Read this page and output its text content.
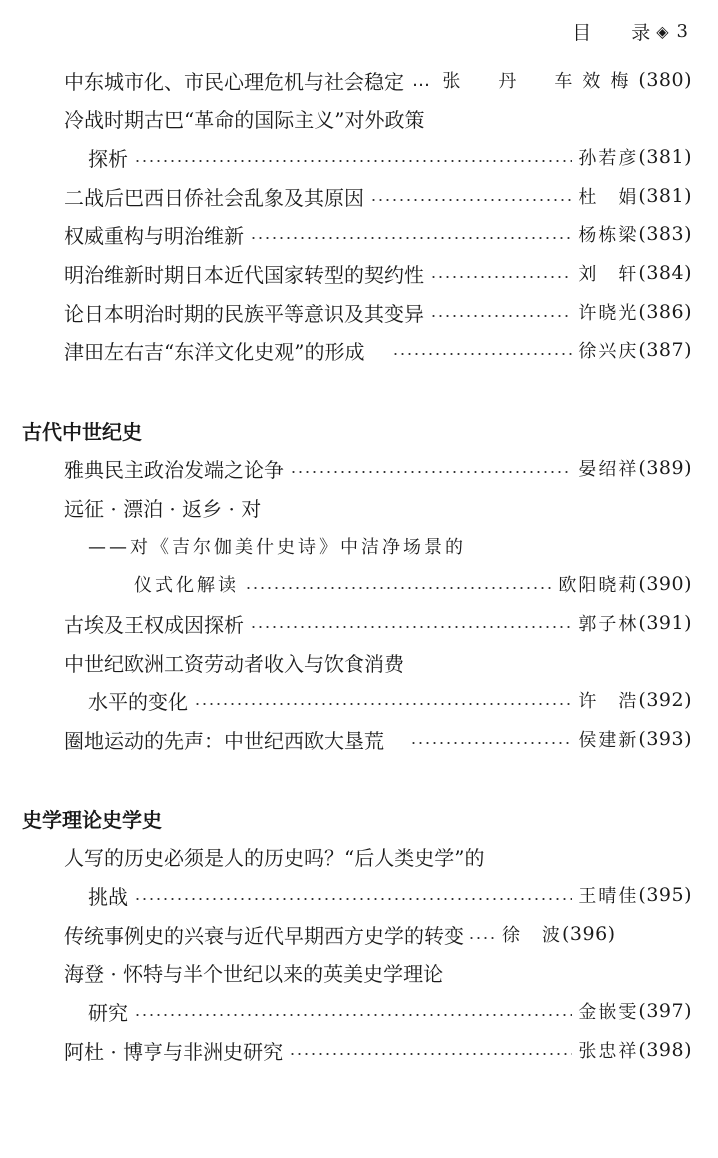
目 录 ◈ 3
中东城市化、市民心理危机与社会稳定 … 张　丹　车效梅 (380)
冷战时期古巴“革命的国际主义”对外政策
探析	孙若彦 (381)
二战后巴西日侨社会乱象及其原因	杜　娟 (381)
权威重构与明治维新	杨栋梁 (383)
明治维新时期日本近代国家转型的契约性	刘　轩 (384)
论日本明治时期的民族平等意识及其变异	许晓光 (386)
津田左右吉“东洋文化史观”的形成	徐兴庆 (387)
古代中世纪史
雅典民主政治发端之论争	晏绍祥 (389)
远征 · 漂泊 · 返乡 · 对
——对《吉尔伽美什史诗》中洁净场景的
仪式化解读	欧阳晓莉 (390)
古埃及王权成因探析	郭子林 (391)
中世纪欧洲工资劳动者收入与饮食消费
水平的变化	许　浩 (392)
圈地运动的先声：中世纪西欧大垦荒	侯建新 (393)
史学理论史学史
人写的历史必须是人的历史吗？“后人类史学”的
挑战	王晴佳 (395)
传统事例史的兴衰与近代早期西方史学的转变 徐　波 (396)
海登 · 怀特与半个世纪以来的英美史学理论
研究	金嵌雯 (397)
阿杜 · 博亨与非洲史研究	张忠祥 (398)
